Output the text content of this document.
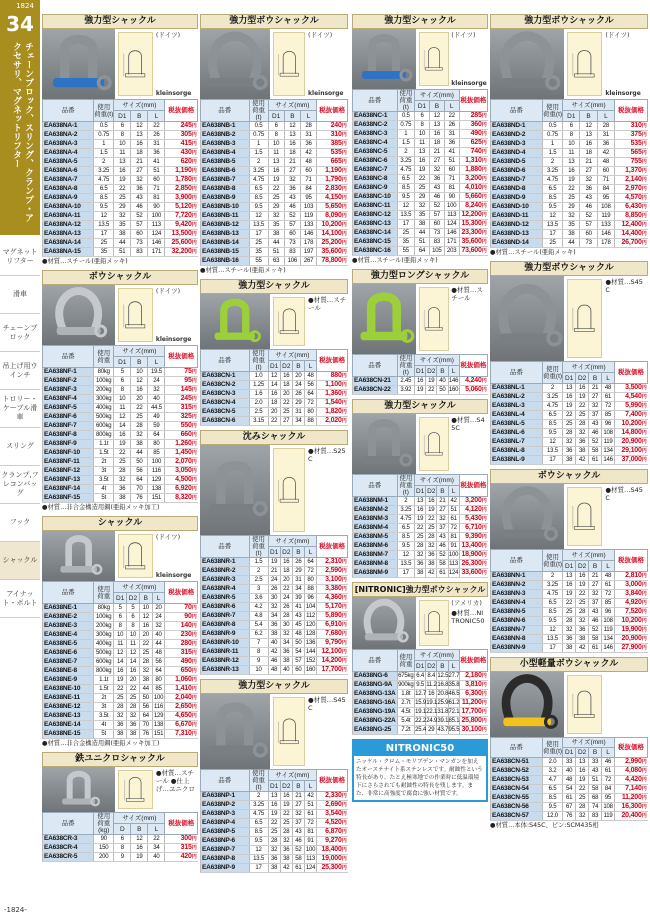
1824
34
チェーンブロック、スリング、クランプ・アクセサリ、マグネットリフター
マグネットリフター
滑車
チェーンブロック
吊上げ用ウインチ
トロリー・ケーブル滑車
スリング
クランプ,フレコンバッグ
フック
シャックル
アイナット・ボルト
-1824-
強力型シャックル
(ドイツ)
kleinsorge
品番	使用荷重(t)	サイズ(mm)			税抜価格
		D1	B	L	
EA638NA-1	0.5	6	12	22	245円
EA638NA-2	0.75	8	13	26	305円
EA638NA-3	1	10	16	31	415円
EA638NA-4	1.5	11	18	36	430円
EA638NA-5	2	13	21	41	620円
EA638NA-6	3.25	16	27	51	1,190円
EA638NA-7	4.75	19	32	60	1,780円
EA638NA-8	6.5	22	36	71	2,850円
EA638NA-9	8.5	25	43	81	3,900円
EA638NA-10	9.5	29	46	90	5,120円
EA638NA-11	12	32	52	100	7,720円
EA638NA-12	13.5	35	57	113	9,420円
EA638NA-13	17	38	60	124	13,500円
EA638NA-14	25	44	73	146	25,600円
EA638NA-15	35	51	83	171	32,200円
●材質…スチール(亜鉛メッキ)
ボウシャックル
(ドイツ)
kleinsorge
品番	使用荷重	サイズ(mm)			税抜価格
		D1	B	L	
EA638NF-1	80kg	5	10	19.5	75円
EA638NF-2	100kg	6	12	24	95円
EA638NF-3	200kg	8	16	32	145円
EA638NF-4	300kg	10	20	40	245円
EA638NF-5	400kg	11	22	44.5	315円
EA638NF-6	500kg	12	25	49	325円
EA638NF-7	600kg	14	28	59	550円
EA638NF-8	800kg	16	32	64	660円
EA638NF-9	1.1t	19	38	80	1,260円
EA638NF-10	1.5t	22	44	85	1,450円
EA638NF-11	2t	25	50	100	2,070円
EA638NF-12	3t	28	56	116	3,050円
EA638NF-13	3.5t	32	64	129	4,500円
EA638NF-14	4t	36	70	138	6,920円
EA638NF-15	5t	38	76	151	8,320円
●材質…非合金構造用鋼(亜鉛メッキ加工)
シャックル
(ドイツ)
kleinsorge
品番	使用荷重	サイズ(mm)				税抜価格
		D1	D2	B	L	
EA638NE-1	80kg	5	5	10	20	70円
EA638NE-2	100kg	6	6	12	24	90円
EA638NE-3	200kg	8	8	16	32	140円
EA638NE-4	300kg	10	10	20	40	230円
EA638NE-5	400kg	11	11	22	44	280円
EA638NE-6	500kg	12	12	25	48	315円
EA638NE-7	600kg	14	14	28	56	490円
EA638NE-8	800kg	16	16	32	64	650円
EA638NE-9	1.1t	19	20	38	80	1,060円
EA638NE-10	1.5t	22	22	44	85	1,410円
EA638NE-11	2t	25	25	50	100	2,040円
EA638NE-12	3t	28	28	56	116	2,650円
EA638NE-13	3.5t	32	32	64	129	4,650円
EA638NE-14	4t	36	36	70	138	6,670円
EA638NE-15	5t	38	38	76	151	7,310円
●材質…非合金構造用鋼(亜鉛メッキ加工)
鉄ユニクロシャックル
●材質…スチール ●仕上げ…ユニクロ
品番	使用荷重(kg)	サイズ(mm)			税抜価格
		D	B	L	
EA638CR-3	90	6	12	22	300円
EA638CR-4	150	8	16	34	315円
EA638CR-5	200	9	19	40	420円
強力型ボウシャックル
(ドイツ)
kleinsorge
品番	使用荷重(t)	サイズ(mm)			税抜価格
		D1	B	L	
EA638NB-1	0.5	6	12	28	240円
EA638NB-2	0.75	8	13	31	310円
EA638NB-3	1	10	16	36	385円
EA638NB-4	1.5	11	18	42	535円
EA638NB-5	2	13	21	48	665円
EA638NB-6	3.25	16	27	60	1,190円
EA638NB-7	4.75	19	32	71	1,790円
EA638NB-8	6.5	22	36	84	2,830円
EA638NB-9	8.5	25	43	95	4,150円
EA638NB-10	9.5	29	46	103	5,650円
EA638NB-11	12	32	52	119	8,090円
EA638NB-12	13.5	35	57	133	10,200円
EA638NB-13	17	38	60	146	14,100円
EA638NB-14	25	44	73	178	25,200円
EA638NB-15	35	51	83	197	35,600円
EA638NB-16	55	63	106	267	78,800円
●材質…スチール(亜鉛メッキ)
強力型シャックル
●材質…スチール
品番	使用荷重(t)	サイズ(mm)				税抜価格
		D1	D2	B	L	
EA638CN-1	1.0	12	16	20	48	880円
EA638CN-2	1.25	14	18	24	56	1,100円
EA638CN-3	1.6	16	20	26	64	1,360円
EA638CN-4	2.0	18	22	29	72	1,540円
EA638CN-5	2.5	20	25	31	80	1,820円
EA638CN-6	3.15	22	27	34	88	2,020円
沈みシャックル
●材質…S25C
品番	使用荷重(t)	サイズ(mm)				税抜価格
		D1	D2	B	L	
EA638NR-1	1.5	19	16	26	64	2,310円
EA638NR-2	2	21	18	29	72	2,590円
EA638NR-3	2.5	24	20	31	80	3,100円
EA638NR-4	3	26	22	34	88	3,380円
EA638NR-5	3.6	30	24	39	96	4,360円
EA638NR-6	4.2	32	26	41	104	5,170円
EA638NR-7	4.8	34	28	43	112	5,890円
EA638NR-8	5.4	36	30	45	120	6,910円
EA638NR-9	6.2	38	32	48	128	7,680円
EA638NR-10	7	40	34	50	136	9,790円
EA638NR-11	8	42	36	54	144	12,100円
EA638NR-12	9	46	38	57	152	14,200円
EA638NR-13	10	48	40	60	160	17,700円
強力型シャックル
●材質…S45C
品番	使用荷重(t)	サイズ(mm)				税抜価格
		D1	D2	B	L	
EA638NP-1	2	13	16	21	42	2,330円
EA638NP-2	3.25	16	19	27	51	2,690円
EA638NP-3	4.75	19	22	32	61	3,540円
EA638NP-4	6.5	22	25	37	72	4,520円
EA638NP-5	8.5	25	28	43	81	6,870円
EA638NP-6	9.5	28	32	46	91	9,270円
EA638NP-7	12	32	36	52	100	18,400円
EA638NP-8	13.5	36	38	58	113	19,000円
EA638NP-9	17	38	42	61	124	25,300円
強力型シャックル
(ドイツ)
kleinsorge
品番	使用荷重(t)	サイズ(mm)			税抜価格
		D1	B	L	
EA638NC-1	0.5	6	12	22	285円
EA638NC-2	0.75	8	13	26	360円
EA638NC-3	1	10	16	31	490円
EA638NC-4	1.5	11	18	36	625円
EA638NC-5	2	13	21	41	740円
EA638NC-6	3.25	16	27	51	1,310円
EA638NC-7	4.75	19	32	60	1,880円
EA638NC-8	6.5	22	36	71	3,200円
EA638NC-9	8.5	25	43	81	4,010円
EA638NC-10	9.5	29	46	90	5,660円
EA638NC-11	12	32	52	100	8,240円
EA638NC-12	13.5	35	57	113	12,200円
EA638NC-13	17	38	60	124	15,300円
EA638NC-14	25	44	73	146	23,300円
EA638NC-15	35	51	83	171	35,600円
EA638NC-16	55	64	105	203	73,600円
●材質…スチール(亜鉛メッキ)
強力型ロングシャックル
●材質…スチール
品番	使用荷重(t)	サイズ(mm)				税抜価格
		D1	D2	B	L	
EA638CN-21	2.45	16	19	40	146	4,240円
EA638CN-22	3.92	19	22	50	160	5,060円
強力型シャックル
●材質…S45C
品番	使用荷重(t)	サイズ(mm)				税抜価格
		D1	D2	B	L	
EA638NM-1	2	13	16	21	42	3,200円
EA638NM-2	3.25	16	19	27	51	4,120円
EA638NM-3	4.75	19	22	32	61	5,430円
EA638NM-4	6.5	22	25	37	72	6,710円
EA638NM-5	8.5	25	28	43	81	9,390円
EA638NM-6	9.5	28	32	46	91	13,400円
EA638NM-7	12	32	36	52	100	18,900円
EA638NM-8	13.5	36	38	58	113	26,300円
EA638NM-9	17	38	42	61	124	33,600円
[NITRONIC]強力型ボウシャックル
(アメリカ)
●材質…NITRONIC50
品番	使用荷重	サイズ(mm)				税抜価格
		D1	D2	B	L	
EA638NG-6	675kg	6.4	8.4	12.5	27.7	2,180円
EA638NG-9A	900kg	9.5	11.2	16.8	35.8	3,810円
EA638NG-13A	1.8t	12.7	16	20.8	46.5	6,300円
EA638NG-16A	2.7t	15.9	19.1	25.9	61.2	11,200円
EA638NG-19A	4.5t	19.1	22.1	31.8	72.1	17,700円
EA638NG-22A	5.4t	22.2	24.9	39.1	85.1	25,800円
EA638NG-25	7.2t	25.4	29	43.7	95.5	30,100円
NITRONIC50
ニッケル・クロム・モリブデン・マンガンを加えたオーステナイト系ステンレスです。耐蝕性という特長があり、たとえ極寒地での作業時に低温環境下にさらされても耐蝕性の特長を残します。また、非常に高強度で腐食に強い材質です。
強力型ボウシャックル
(ドイツ)
kleinsorge
品番	使用荷重(t)	サイズ(mm)			税抜価格
		D1	B	L	
EA638ND-1	0.5	6	12	28	310円
EA638ND-2	0.75	8	13	31	375円
EA638ND-3	1	10	16	36	535円
EA638ND-4	1.5	11	18	42	565円
EA638ND-5	2	13	21	48	755円
EA638ND-6	3.25	16	27	60	1,370円
EA638ND-7	4.75	19	32	71	2,140円
EA638ND-8	6.5	22	36	84	2,970円
EA638ND-9	8.5	25	43	95	4,570円
EA638ND-10	9.5	29	46	108	6,430円
EA638ND-11	12	32	52	119	8,850円
EA638ND-12	13.5	35	57	133	12,400円
EA638ND-13	17	38	60	146	14,400円
EA638ND-14	25	44	73	178	26,700円
●材質…スチール(亜鉛メッキ)
強力型ボウシャックル
●材質…S45C
品番	使用荷重(t)	サイズ(mm)				税抜価格
		D1	D2	B	L	
EA638NL-1	2	13	16	21	48	3,500円
EA638NL-2	3.25	16	19	27	61	4,540円
EA638NL-3	4.75	19	22	32	72	5,990円
EA638NL-4	6.5	22	25	37	85	7,400円
EA638NL-5	8.5	25	28	43	96	10,200円
EA638NL-6	9.5	28	32	46	108	14,800円
EA638NL-7	12	32	36	52	119	20,900円
EA638NL-8	13.5	36	38	58	134	29,100円
EA638NL-9	17	38	42	61	146	37,000円
ボウシャックル
●材質…S45C
品番	使用荷重(t)	サイズ(mm)				税抜価格
		D1	D2	B	L	
EA638NN-1	2	13	16	21	48	2,810円
EA638NN-2	3.25	16	19	27	61	3,000円
EA638NN-3	4.75	19	22	32	72	3,840円
EA638NN-4	6.5	22	25	37	85	4,920円
EA638NN-5	8.5	25	28	43	96	7,520円
EA638NN-6	9.5	28	32	46	108	10,200円
EA638NN-7	12	32	36	52	119	19,900円
EA638NN-8	13.5	36	38	58	134	20,900円
EA638NN-9	17	38	42	61	146	27,900円
小型軽量ボウシャックル
品番	使用荷重(t)	サイズ(mm)				税抜価格
		D1	D2	B	L	
EA638CN-51	2.0	33	13	33	46	2,990円
EA638CN-52	3.2	40	16	43	61	4,080円
EA638CN-53	4.7	48	19	51	72	4,420円
EA638CN-54	6.5	54	22	58	84	7,140円
EA638CN-55	8.5	61	25	68	95	11,200円
EA638CN-56	9.5	67	28	74	108	16,300円
EA638CN-57	12.0	76	32	83	119	20,400円
●材質…本体:S45C、ピン:SCM435相
